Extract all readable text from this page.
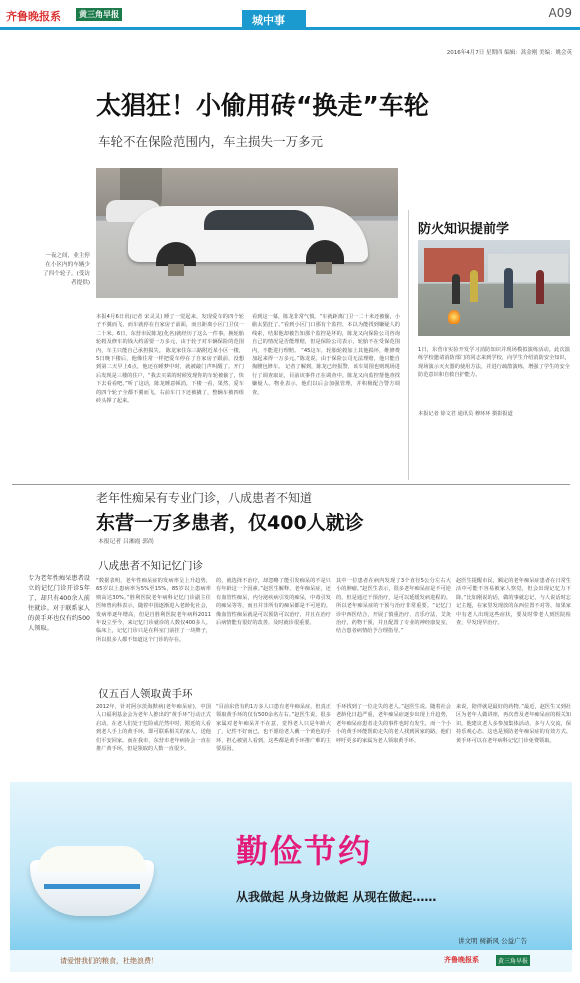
齐鲁晚报系	黄三角早报	城中事
A09
2016年4月7日 星期四 编辑：蒿金刚 美编：姚会英
太猖狂！小偷用砖“换走”车轮
车轮不在保险范围内，车主损失一万多元
一夜之间，业主停在小区内的车辆少了四个轮子。(受访者提供)
本报4月6日讯(记者 宋灵灵) 睡了一觉起来，发现爱车的四个轮子不翼而飞，而车就停在自家房子前面，而且距离小区门卫仅一二十米。6日，东营市民陈龙(化名)就经历了这么一件事。换轮胎轮毂及修车的钱大约需要一万多元，由于轮子对车辆保险的范围内，车主只能自己承担损失。 陈龙家住东三路附近某小区一楼，5日晚下楼后，他像往常一样把爱车停在了自家房子跟前，没想到第二天早上6点，他还在睡梦中时，就被敲门声叫醒了。开门后发现是三楼的住户，“我去买菜的时候发现你的车轮被偷了，快下去看看吧。”听了这话，陈龙睡意顿消，下楼一看，果然，爱车的四个轮子全都不翼而飞，右前车门下还被撬了，整辆车被四组砖头撑了起来。
看到这一幕，陈龙非常气愤。“车就距离门卫一二十米还被偷，小偷太猖狂了。”看到小区门口那有个监控，本以为能找到嫌疑人的线索，结果他却被告知那个监控是坏的，陈龙又向保险公司咨询自己的情况是否能理赔，但是保险公司表示，轮胎不在受保范围内，不能进行理赔。 “45这车，轮胎轮毂加上其他损坏，维修费加起来得一万多元。”陈龙说，由于保险公司无法理赔，他只能自掏腰包修车。 记者了解到，陈龙已经报警，该车周围也则现场进行了调查取证，目前该事件正在调查中。陈龙又向监控帮他查找嫌疑人。物业表示，他们以后会加强管理，并积极配合警方调查。
防火知识提前学
1日，东营市实验开发学习消防知识并现场模拟演练活动。此次演练学校邀请消防部门的同志来到学校，向学生介绍消防安全知识，现场演示灭火器的使用方法，并进行疏散演练，增强了学生的安全防范意识和自救自护能力。
本报记者 徐文君 通讯员 穆环环 摄影报道
老年性痴呆有专业门诊，八成患者不知道
东营一万多患者，仅400人就诊
本报记者 吕湘霞 郭尚
专为老年性痴呆患者设立的记忆门诊开诊5年了，却只有400余人前往就诊。对于联系家人的黄手环也仅有约500人领取。
八成患者不知记忆门诊
“数据表明，老年性痴呆症的发病率呈上升趋势，65岁以上患病率为5%至15%，85岁以上患病率则高达30%。”胜利医院老年病科记忆门诊副主任医师曾向科表示，随着中国逐渐进入老龄化社会，发病率逐年增高，但是自胜利医院老年病科2011年设立至今，来记忆门诊就诊的人数仅400多人。临床上，记忆门诊只是在科室门前挂了一块牌子，所以很多人都不知道这个门诊的存在。
的，就选择不治疗，却忽略了能引发痴呆的不是只有年龄这一个因素。”赵医生解释，老年痴呆症，还有血管性痴呆，内分泌疾病引发的痴呆，中毒引发的痴呆等等，而且并非所有的痴呆都是不可逆的。像血管性痴呆就是可以预防可以治疗，并且在治疗后病情能有很好的改善。及时就诊很重要。
其中一位患者在病内发现了3个直径5公分左右大小的肿瘤。”赵医生表示，很多老年痴呆症是不可逆的，但是通过干预治疗，是可以延缓发病进程的。所以老年痴呆症的干预与治疗非常重要。“记忆门诊中西医结合，开展了慎重治疗，音乐疗法，艾灸治疗，药物干预，并且配置了专业的神经康复室，结合患者病情给予合理指导。”
赵医生提醒市民，额定的老年痴呆症患者在日常生活中可能不容易被家人察觉，但会出现记忆力下降。”比如刚说的话，做的事就忘记，与人说话时忘记主题，在家里发现放的东西位置不对等。如果家中有老人出现这些症状，要及时带老人到医院检查，早发现早治疗。
仅五百人领取黄手环
2012年，针对阿尔茨海默病(老年痴呆症)，中国人口福利基金会为老年人推出的“黄手环”行动正式启动。在老人们处于危险或茫然中时，附近的人看到老人手上的黄手环，即可联系相关的家人，送他们平安回家。而在我市，东营市老年病协会一直在推广黄手环，但是领取的人数一直很少。
“目前东营有约1万多人口患有老年痴呆症，但真正领取黄手环的仅有500余名左右。”赵医生说，很多家属对老年痴呆并不在意，觉得老人只是年龄大了，记性不好而已，也不愿给老人戴一个黄色的手环，担心被别人看到。这些都是黄手环推广难的主要原因。
手环找到了一位走失的老人。”赵医生说。随着社会老龄化日趋严重，老年痴呆症逐步出现上升趋势，老年痴呆症患者走失的事件也时有发生，而一个小小的黄手环能帮助走失的老人找到回家的路。他们呼吁更多的家属为老人领取黄手环。
来说，陪伴就是最好的药物。”最近，赵医生又到社区为老年人做讲座，再次普及老年痴呆症的相关知识。他建议老人多参加集体活动，多与人交流，保持乐观心态，这也是预防老年痴呆症的有效方式。黄手环可以在老年病科记忆门诊免费领取。
勤俭节约
从我做起 从身边做起 从现在做起……
讲文明 树新风 公益广告
请爱惜我们的粮食，杜绝浪费！	齐鲁晚报系	黄三角早报
